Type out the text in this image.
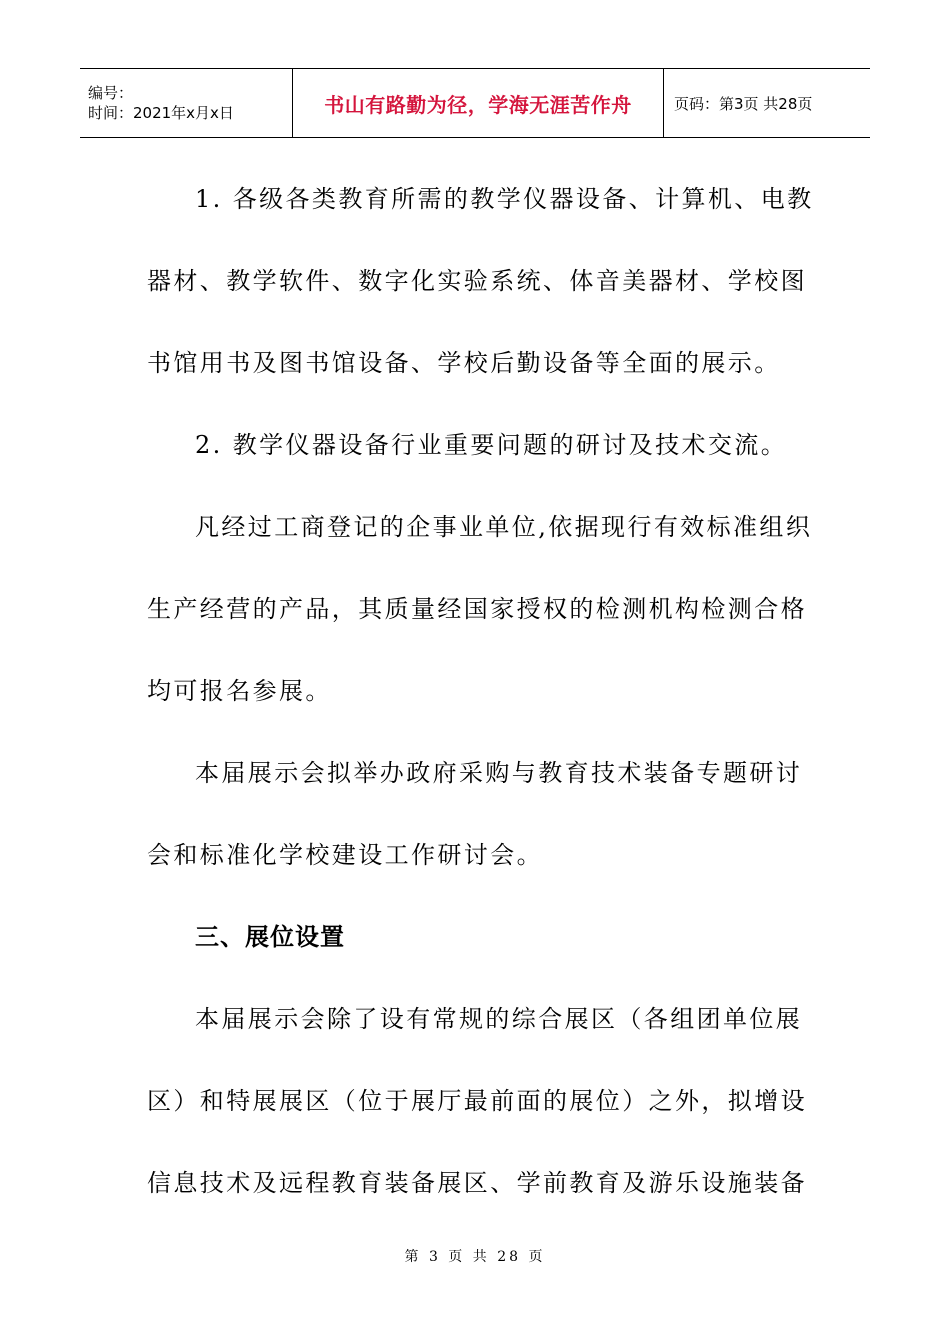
编号：
时间：2021年x月x日	书山有路勤为径，学海无涯苦作舟	页码：第3页 共28页

1. 各级各类教育所需的教学仪器设备、计算机、电教

器材、教学软件、数字化实验系统、体音美器材、学校图

书馆用书及图书馆设备、学校后勤设备等全面的展示。

2. 教学仪器设备行业重要问题的研讨及技术交流。

凡经过工商登记的企事业单位,依据现行有效标准组织

生产经营的产品，其质量经国家授权的检测机构检测合格

均可报名参展。

本届展示会拟举办政府采购与教育技术装备专题研讨

会和标准化学校建设工作研讨会。

三、展位设置

本届展示会除了设有常规的综合展区（各组团单位展

区）和特展展区（位于展厅最前面的展位）之外，拟增设

信息技术及远程教育装备展区、学前教育及游乐设施装备

第 3 页 共 28 页
